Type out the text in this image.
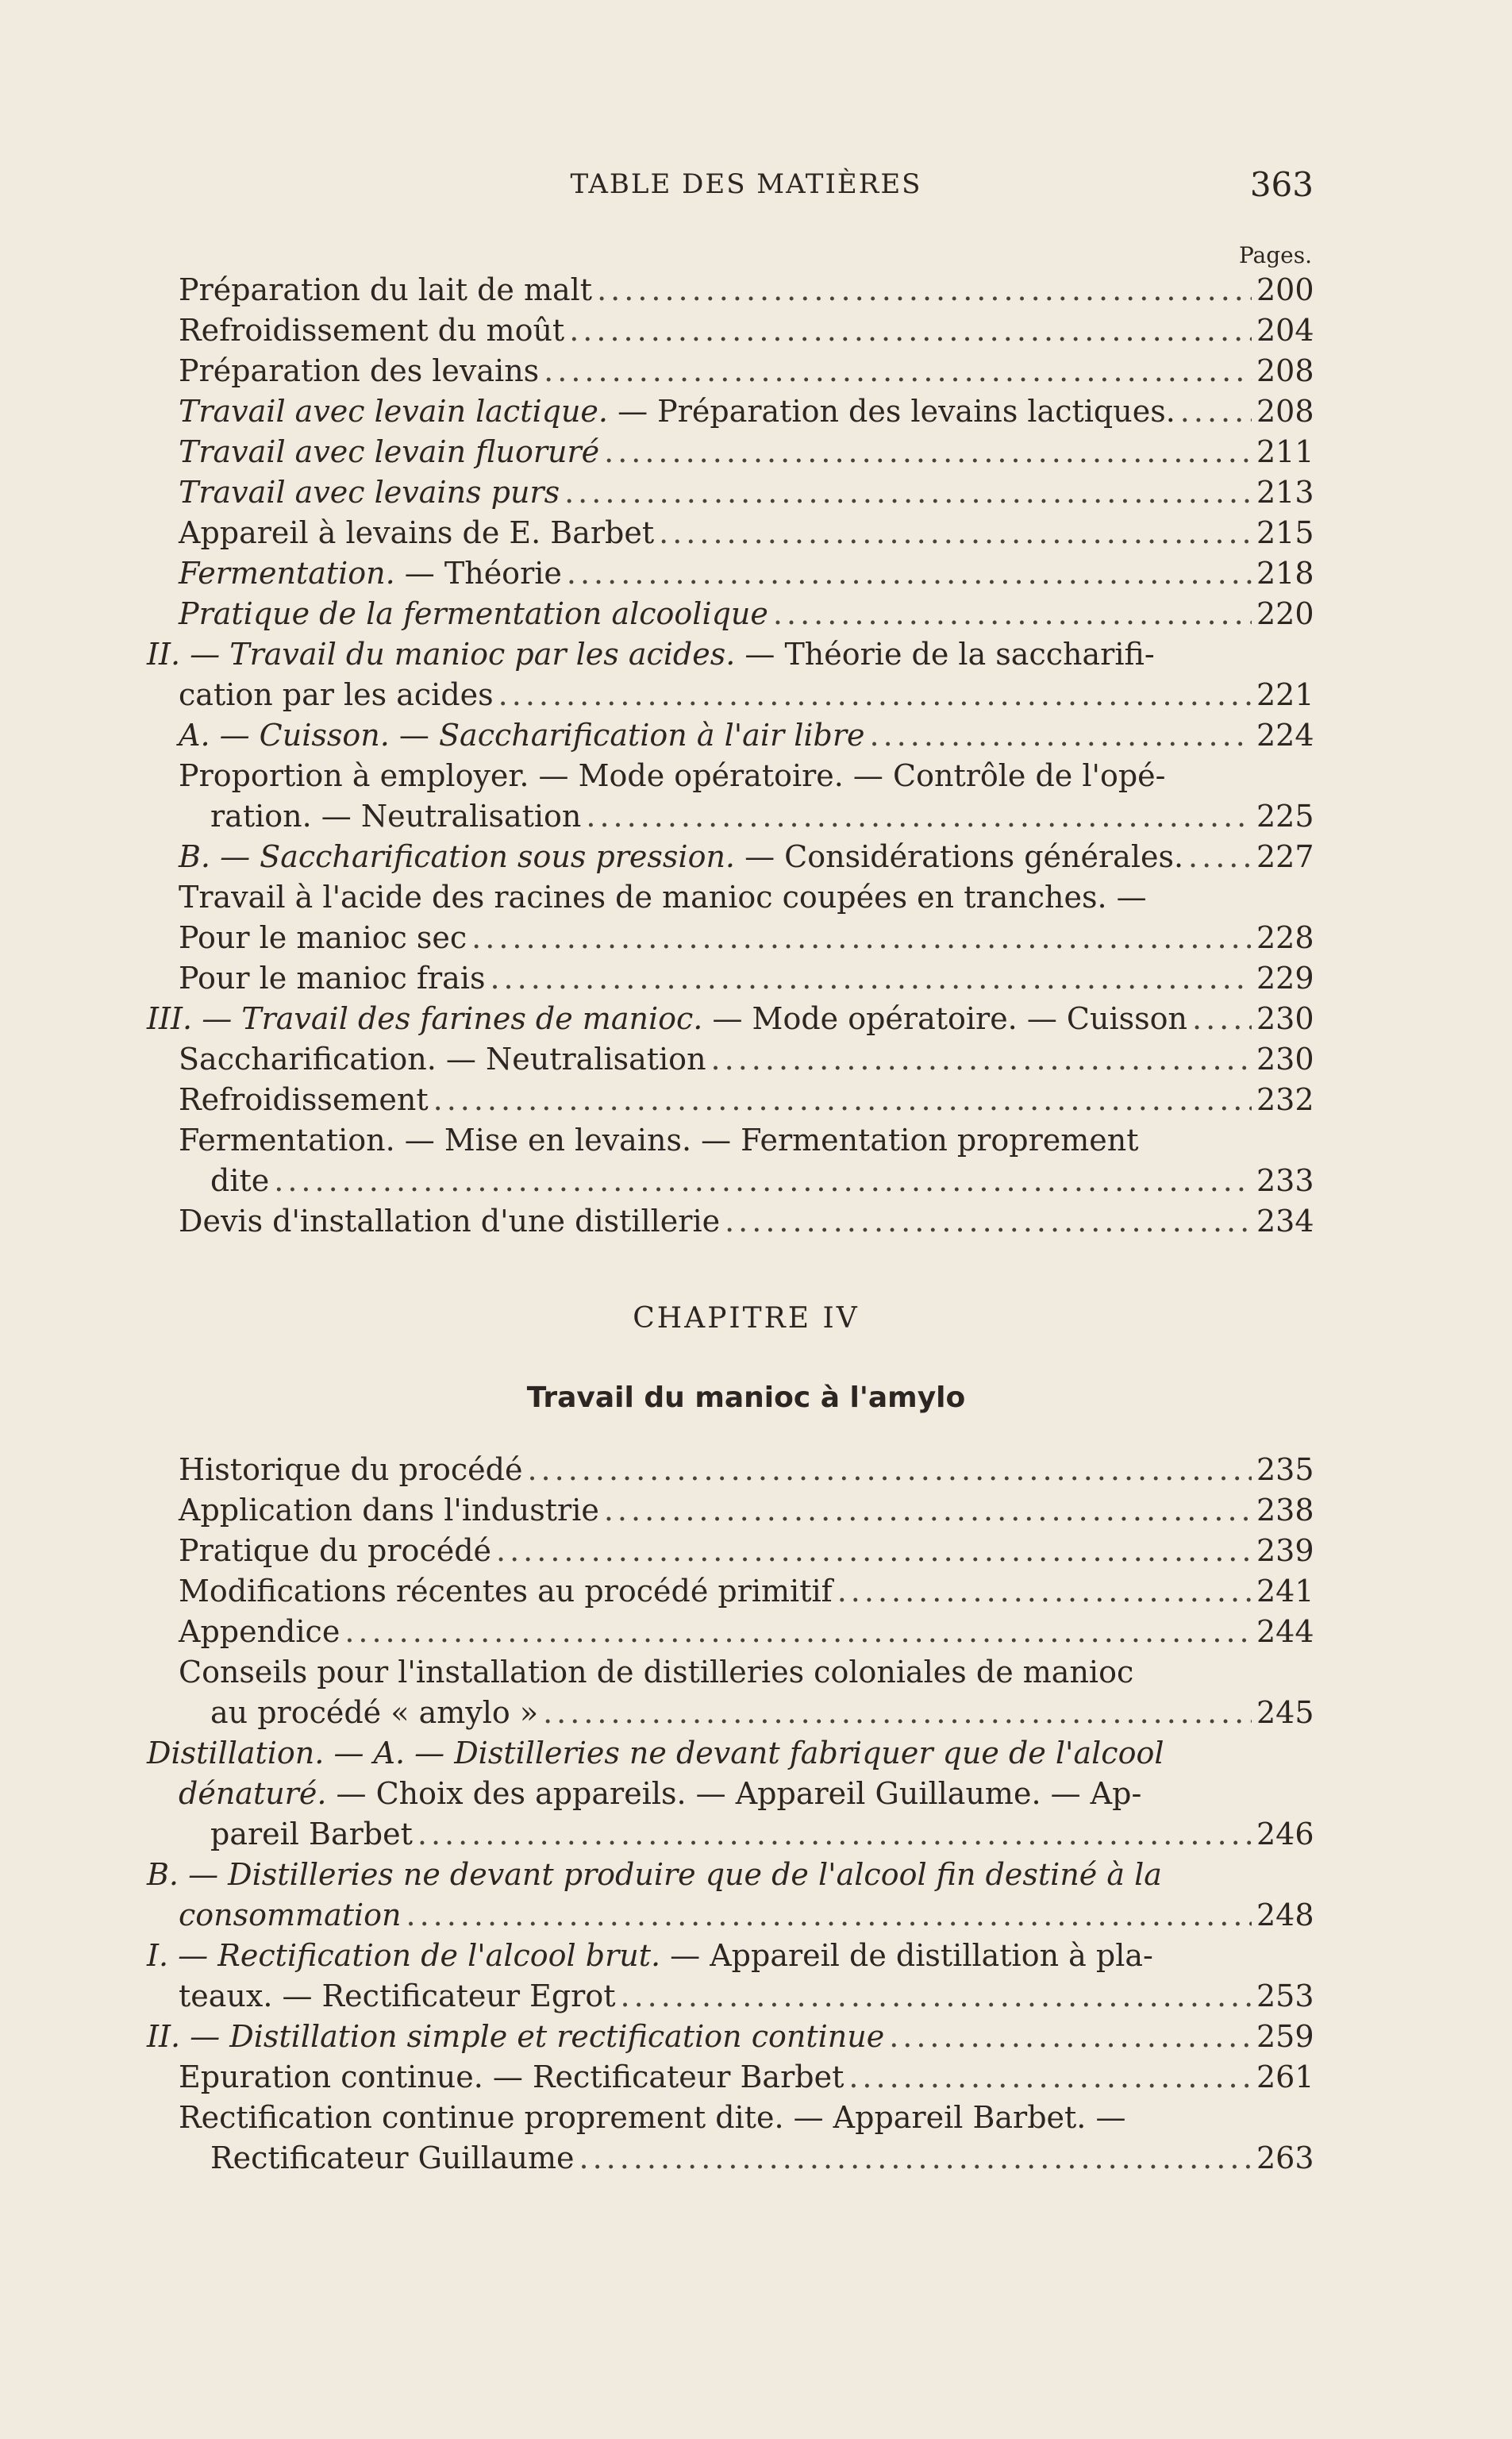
TABLE DES MATIÈRES	363
Pages.
Préparation du lait de malt .....	200
Refroidissement du moût .....	204
Préparation des levains .....	208
Travail avec levain lactique. — Préparation des levains lactiques. .....	208
Travail avec levain fluoruré .....	211
Travail avec levains purs .....	213
Appareil à levains de E. Barbet .....	215
Fermentation. — Théorie .....	218
Pratique de la fermentation alcoolique .....	220
II. — Travail du manioc par les acides. — Théorie de la saccharifi-
cation par les acides .....	221
A. — Cuisson. — Saccharification à l'air libre .....	224
Proportion à employer. — Mode opératoire. — Contrôle de l'opé-
ration. — Neutralisation .....	225
B. — Saccharification sous pression. — Considérations générales. ..... 227
Travail à l'acide des racines de manioc coupées en tranches. —
Pour le manioc sec .....	228
Pour le manioc frais .....	229
III. — Travail des farines de manioc. — Mode opératoire. — Cuisson ..... 230
Saccharification. — Neutralisation .....	230
Refroidissement .....	232
Fermentation. — Mise en levains. — Fermentation proprement
dite .....	233
Devis d'installation d'une distillerie .....	234
CHAPITRE IV
Travail du manioc à l'amylo
Historique du procédé .....	235
Application dans l'industrie .....	238
Pratique du procédé .....	239
Modifications récentes au procédé primitif .....	241
Appendice .....	244
Conseils pour l'installation de distilleries coloniales de manioc
au procédé « amylo » .....	245
Distillation. — A. — Distilleries ne devant fabriquer que de l'alcool
dénaturé. — Choix des appareils. — Appareil Guillaume. — Ap-
pareil Barbet .....	246
B. — Distilleries ne devant produire que de l'alcool fin destiné à la
consommation .....	248
I. — Rectification de l'alcool brut. — Appareil de distillation à pla-
teaux. — Rectificateur Egrot .....	253
II. — Distillation simple et rectification continue .....	259
Epuration continue. — Rectificateur Barbet .....	261
Rectification continue proprement dite. — Appareil Barbet. —
Rectificateur Guillaume .....	263
